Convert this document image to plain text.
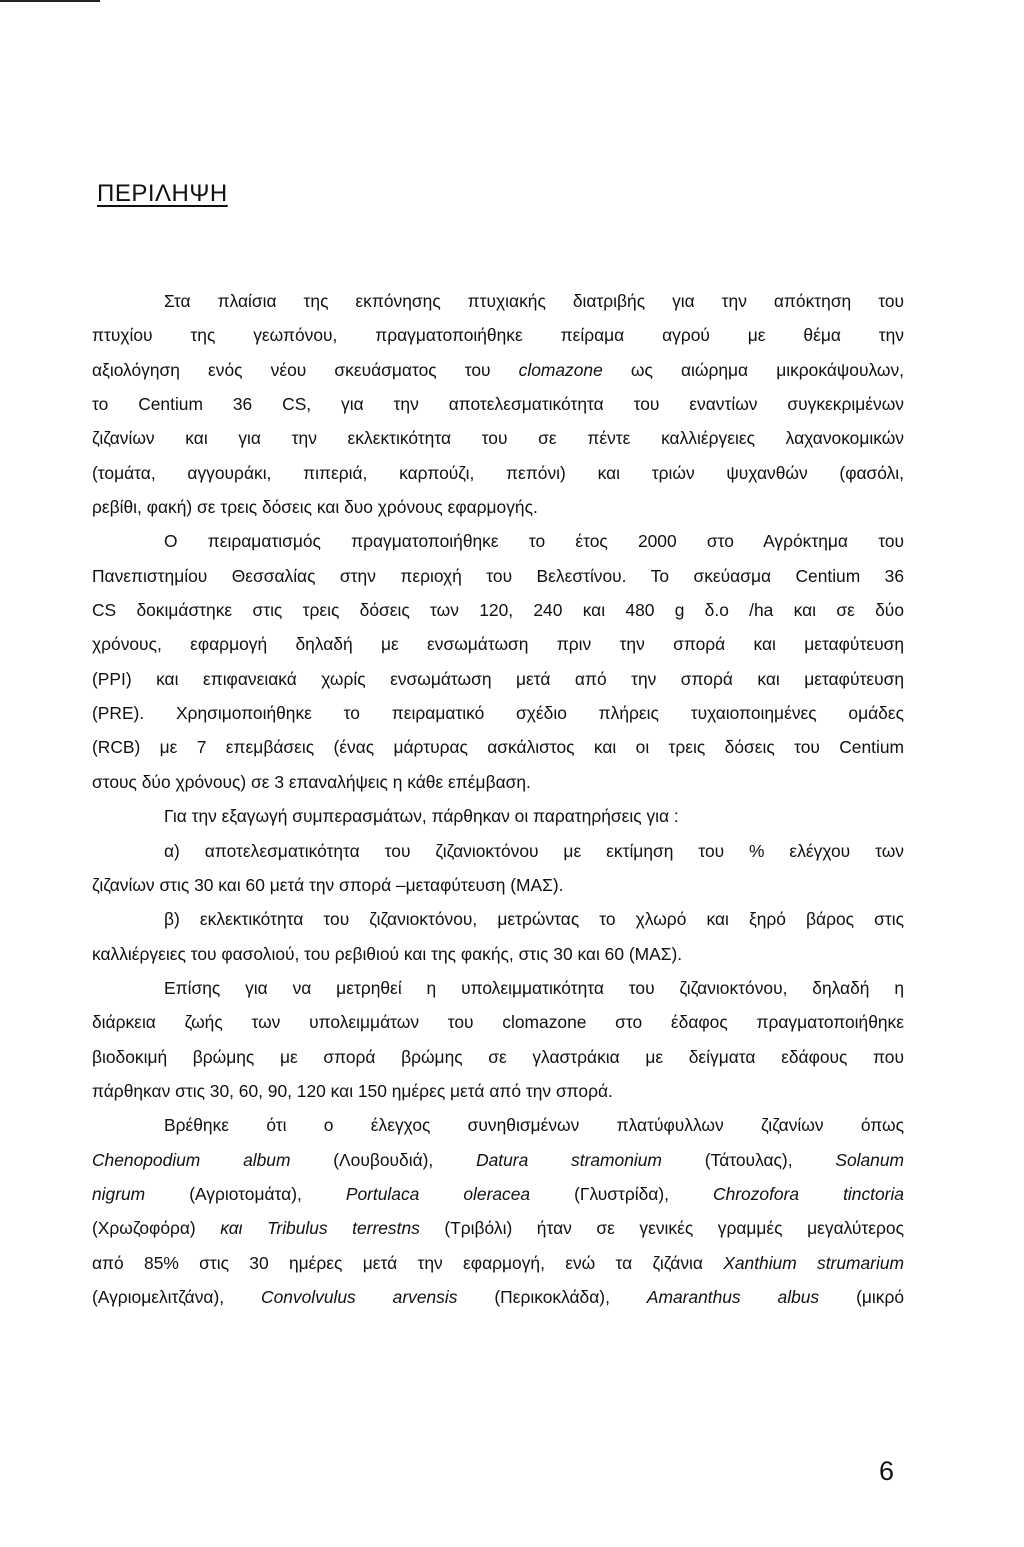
ΠΕΡΙΛΗΨΗ
Στα πλαίσια της εκπόνησης πτυχιακής διατριβής για την απόκτηση του
πτυχίου της γεωπόνου, πραγματοποιήθηκε πείραμα αγρού με θέμα την
αξιολόγηση ενός νέου σκευάσματος του clomazone ως αιώρημα μικροκάψουλων,
το Centium 36 CS, για την αποτελεσματικότητα του εναντίων συγκεκριμένων
ζιζανίων και για την εκλεκτικότητα του σε πέντε καλλιέργειες λαχανοκομικών
(τομάτα, αγγουράκι, πιπεριά, καρπούζι, πεπόνι) και τριών ψυχανθών (φασόλι,
ρεβίθι, φακή) σε τρεις δόσεις και δυο χρόνους εφαρμογής.
Ο πειραματισμός πραγματοποιήθηκε το έτος 2000 στο Αγρόκτημα του
Πανεπιστημίου Θεσσαλίας στην περιοχή του Βελεστίνου. Το σκεύασμα Centium 36
CS δοκιμάστηκε στις τρεις δόσεις των 120, 240 και 480 g δ.ο /ha και σε δύο
χρόνους, εφαρμογή δηλαδή με ενσωμάτωση πριν την σπορά και μεταφύτευση
(PPI) και επιφανειακά χωρίς ενσωμάτωση μετά από την σπορά και μεταφύτευση
(PRE). Χρησιμοποιήθηκε το πειραματικό σχέδιο πλήρεις τυχαιοποιημένες ομάδες
(RCB) με 7 επεμβάσεις (ένας μάρτυρας ασκάλιστος και οι τρεις δόσεις του Centium
στους δύο χρόνους) σε 3 επαναλήψεις η κάθε επέμβαση.
Για την εξαγωγή συμπερασμάτων, πάρθηκαν οι παρατηρήσεις για :
α) αποτελεσματικότητα του ζιζανιοκτόνου με εκτίμηση του % ελέγχου των
ζιζανίων στις 30 και 60 μετά την σπορά –μεταφύτευση (ΜΑΣ).
β) εκλεκτικότητα του ζιζανιοκτόνου, μετρώντας το χλωρό και ξηρό βάρος στις
καλλιέργειες του φασολιού, του ρεβιθιού και της φακής, στις 30 και 60 (ΜΑΣ).
Επίσης για να μετρηθεί η υπολειμματικότητα του ζιζανιοκτόνου, δηλαδή η
διάρκεια ζωής των υπολειμμάτων του clomazone στο έδαφος πραγματοποιήθηκε
βιοδοκιμή βρώμης με σπορά βρώμης σε γλαστράκια με δείγματα εδάφους που
πάρθηκαν στις 30, 60, 90, 120 και 150 ημέρες μετά από την σπορά.
Βρέθηκε ότι ο έλεγχος συνηθισμένων πλατύφυλλων ζιζανίων όπως
Chenopodium album (Λουβουδιά), Datura stramonium (Τάτουλας), Solanum
nigrum (Αγριοτομάτα), Portulaca oleracea (Γλυστρίδα), Chrozofora tinctoria
(Χρωζοφόρα) και Tribulus terrestns (Τριβόλι) ήταν σε γενικές γραμμές μεγαλύτερος
από 85% στις 30 ημέρες μετά την εφαρμογή, ενώ τα ζιζάνια Xanthium strumarium
(Αγριομελιτζάνα), Convolvulus arvensis (Περικοκλάδα), Amaranthus albus (μικρό
6
